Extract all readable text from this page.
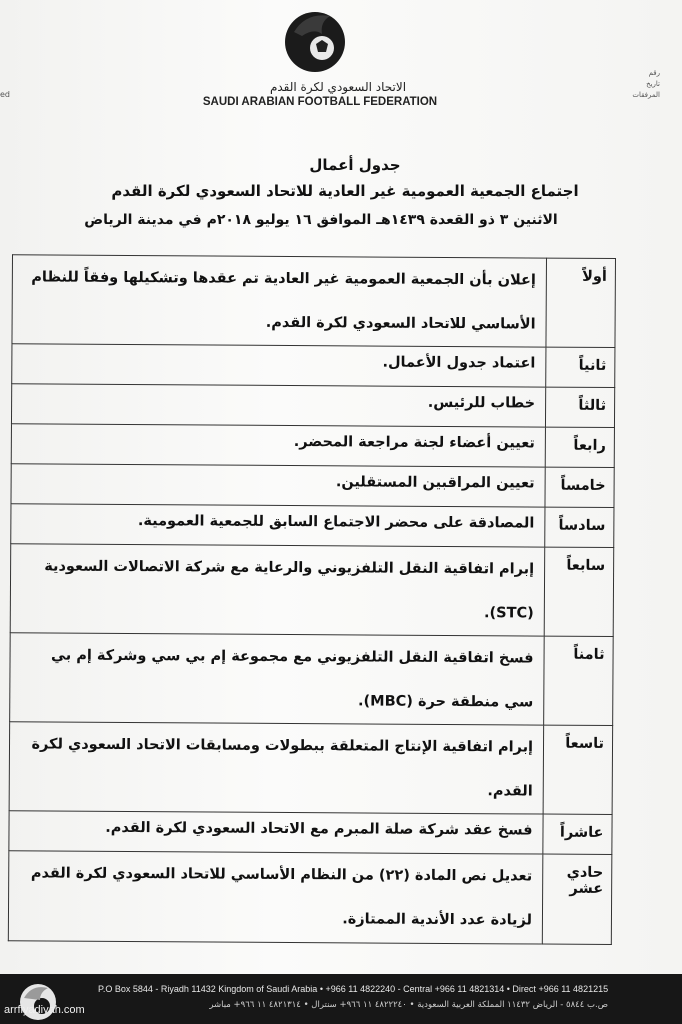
الاتحاد السعودي لكرة القدم
SAUDI ARABIAN FOOTBALL FEDERATION
رقم
تاريخ
المرفقات
ed
جدول أعمال
اجتماع الجمعية العمومية غير العادية للاتحاد السعودي لكرة القدم
الاثنين ٣ ذو القعدة ١٤٣٩هـ الموافق ١٦ يوليو ٢٠١٨م في مدينة الرياض
أولاً	إعلان بأن الجمعية العمومية غير العادية تم عقدها وتشكيلها وفقاً للنظام الأساسي للاتحاد السعودي لكرة القدم.
ثانياً	اعتماد جدول الأعمال.
ثالثاً	خطاب للرئيس.
رابعاً	تعيين أعضاء لجنة مراجعة المحضر.
خامساً	تعيين المراقبين المستقلين.
سادساً	المصادقة على محضر الاجتماع السابق للجمعية العمومية.
سابعاً	إبرام اتفاقية النقل التلفزيوني والرعاية مع شركة الاتصالات السعودية (STC).
ثامناً	فسخ اتفاقية النقل التلفزيوني مع مجموعة إم بي سي وشركة إم بي سي منطقة حرة (MBC).
تاسعاً	إبرام اتفاقية الإنتاج المتعلقة ببطولات ومسابقات الاتحاد السعودي لكرة القدم.
عاشراً	فسخ عقد شركة صلة المبرم مع الاتحاد السعودي لكرة القدم.
حادي عشر	تعديل نص المادة (٢٢) من النظام الأساسي للاتحاد السعودي لكرة القدم لزيادة عدد الأندية الممتازة.
P.O Box 5844 - Riyadh 11432 Kingdom of Saudi Arabia • +966 11 4822240 - Central +966 11 4821314 • Direct +966 11 4821215
ص.ب ٥٨٤٤ - الرياض ١١٤٣٢ المملكة العربية السعودية • ٤٨٢٢٢٤٠ ١١ ٩٦٦+ سنترال • ٤٨٢١٣١٤ ١١ ٩٦٦+ مباشر
arrfiyadiyah.com
